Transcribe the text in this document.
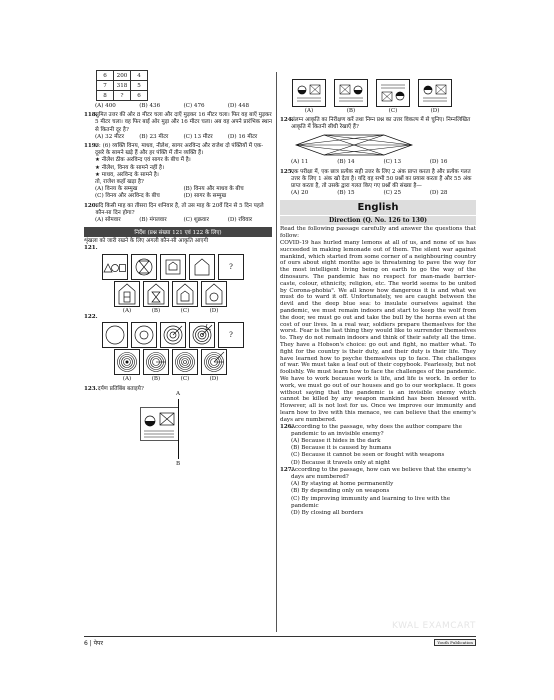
6	200	4
7	318	5
8	?	6
(A) 400	(B) 436	(C) 476	(D) 448
118.
सुमित उत्तर की ओर 8 मीटर चला और दाएँ मुड़कर 16 मीटर चला। फिर वह बाएँ मुड़कर 5 मीटर चला। वह फिर बाईं ओर मुड़ा और 16 मीटर चला। अब वह अपने प्रारंभिक स्थान से कितनी दूर है?
(A) 32 मीटर	(B) 23 मीटर	(C) 13 मीटर	(D) 16 मीटर
119.
छ: (6) व्यक्ति विनय, माधव, नीलेश, सागर अरविन्द और राजेश दो पंक्तियों में एक-दूसरे के सामने खड़े हैं और हर पंक्ति में तीन व्यक्ति हैं।
★ नीलेश ठीक अरविन्द एवं सागर के बीच में है।
★ नीलेश, विनय के सामने नहीं है।
★ माधव, अरविन्द के सामने है।
तो, राजेश कहाँ खड़ा है?
(A) विनय के सम्मुख	(B) विनय और माधव के बीच
(C) विनय और अरविन्द के बीच	(D) सागर के सम्मुख
120.
यदि किसी माह का तीसरा दिन शनिवार है, तो उस माह के 20वें दिन से 5 दिन पहले कौन-सा दिन होगा?
(A) सोमवार	(B) मंगलवार	(C) शुक्रवार	(D) रविवार
निर्देश (प्रश्न संख्या 121 एवं 122 के लिए)
शृंखला को जारी रखने के लिए अगली कौन-सी आकृति आएगी
121.
?
(A)	(B)	(C)	(D)
122.
?
(A)	(B)	(C)	(D)
123. दर्पण प्रतिबिंब बताइये?
A
B
(A)	(B)	(C)	(D)
124.
संलग्न आकृति का निरीक्षण करें तथा निम्न प्रश्न का उत्तर विकल्प में से चुनिए। निम्नलिखित आकृति में कितनी सीधी रेखाएँ हैं?
(A) 11	(B) 14	(C) 13	(D) 16
125.
एक परीक्षा में, एक छात्र प्रत्येक सही उत्तर के लिए 2 अंक प्राप्त करता है और प्रत्येक गलत उत्तर के लिए 1 अंक खो देता है। यदि वह सभी 50 प्रश्नों का प्रयास करता है और 55 अंक प्राप्त करता है, तो उसके द्वारा गलत किए गए प्रश्नों की संख्या है—
(A) 20	(B) 15	(C) 25	(D) 28
English
Direction (Q. No. 126 to 130)

Read the following passage carefully and answer the questions that follow:

COVID-19 has hurled many lemons at all of us, and none of us has succeeded in making lemonade out of them. The silent war against mankind, which started from some corner of a neighbouring country of ours about eight months ago is threatening to pave the way for the most intelligent living being on earth to go the way of the dinosaurs. The pandemic has no respect for man-made barrier-caste, colour, ethnicity, religion, etc. The world seems to be united by Corona-phobia". We all know how dangerous it is and what we must do to ward it off. Unfortunately, we are caught between the devil and the deep blue sea: to insulate ourselves against the pandemic, we must remain indoors and start to keep the wolf from the door, we must go out and take the bull by the horns even at the cost of our lives. In a real war, soldiers prepare themselves for the worst. Fear is the last thing they would like to surrender themselves to. They do not remain indoors and think of their safety all the time. They have a Hobson's choice: go out and fight, no matter what. To fight for the country is their duty, and their duty is their life. They have learned how to psyche themselves up to face. The challenges of war. We must take a leaf out of their copybook. Fearlessly, but not foolishly. We must learn how to face the challenges of the pandemic. We have to work because work is life, and life is work. In order to work, we must go out of our houses and go to our workplace. It goes without saying that the pandemic is an invisible enemy which cannot be killed by any weapon mankind has been blessed with. However, all is not lost for us. Once we improve our immunity and learn how to live with this menace, we can believe that the enemy's days are numbered.

126.
According to the passage, why does the author compare the pandemic to an invisible enemy?
(A) Because it hides in the dark
(B) Because it is caused by humans
(C) Because it cannot be seen or fought with weapons
(D) Because it travels only at night
127.
According to the passage, how can we believe that the enemy's days are numbered?
(A) By staying at home permanently
(B) By depending only on weapons
(C) By improving immunity and learning to live with the pandemic
(D) By closing all borders
KWAL EXAMCART
6 | पेपर	Youth Publication
